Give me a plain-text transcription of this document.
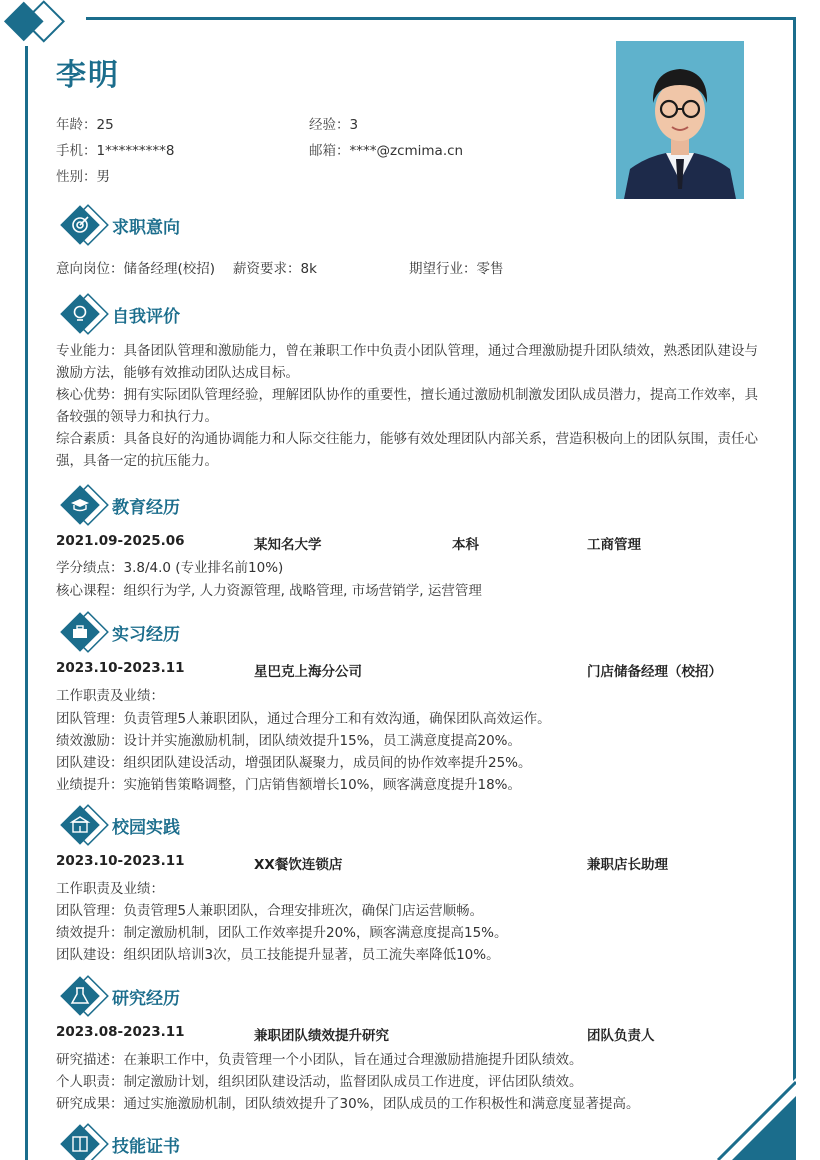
李明
年龄：25	经验：3
手机：1*********8	邮箱：****@zcmima.cn
性别：男
求职意向
意向岗位：储备经理(校招) 薪资要求：8k	期望行业：零售
自我评价
专业能力：具备团队管理和激励能力，曾在兼职工作中负责小团队管理，通过合理激励提升团队绩效，熟悉团队建设与激励方法，能够有效推动团队达成目标。
核心优势：拥有实际团队管理经验，理解团队协作的重要性，擅长通过激励机制激发团队成员潜力，提高工作效率，具备较强的领导力和执行力。
综合素质：具备良好的沟通协调能力和人际交往能力，能够有效处理团队内部关系，营造积极向上的团队氛围，责任心强，具备一定的抗压能力。
教育经历
2021.09-2025.06	某知名大学	本科	工商管理
学分绩点：3.8/4.0 (专业排名前10%)
核心课程：组织行为学, 人力资源管理, 战略管理, 市场营销学, 运营管理
实习经历
2023.10-2023.11	星巴克上海分公司	门店储备经理（校招）
工作职责及业绩：
团队管理：负责管理5人兼职团队，通过合理分工和有效沟通，确保团队高效运作。
绩效激励：设计并实施激励机制，团队绩效提升15%，员工满意度提高20%。
团队建设：组织团队建设活动，增强团队凝聚力，成员间的协作效率提升25%。
业绩提升：实施销售策略调整，门店销售额增长10%，顾客满意度提升18%。
校园实践
2023.10-2023.11	XX餐饮连锁店	兼职店长助理
工作职责及业绩：
团队管理：负责管理5人兼职团队，合理安排班次，确保门店运营顺畅。
绩效提升：制定激励机制，团队工作效率提升20%，顾客满意度提高15%。
团队建设：组织团队培训3次，员工技能提升显著，员工流失率降低10%。
研究经历
2023.08-2023.11	兼职团队绩效提升研究	团队负责人
研究描述：在兼职工作中，负责管理一个小团队，旨在通过合理激励措施提升团队绩效。
个人职责：制定激励计划，组织团队建设活动，监督团队成员工作进度，评估团队绩效。
研究成果：通过实施激励机制，团队绩效提升了30%，团队成员的工作积极性和满意度显著提高。
技能证书
